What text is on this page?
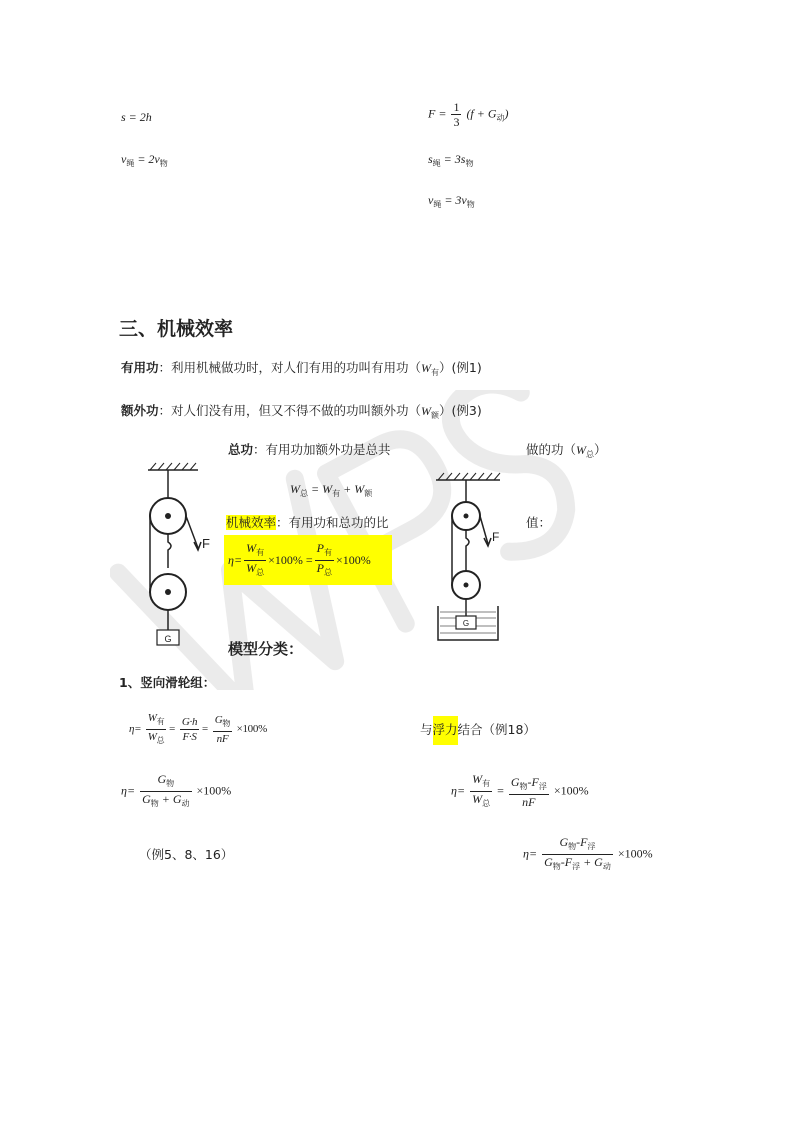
s = 2h
$v_绳 = 2v_物$
$F = \frac{1}{3} (f + G_动)$
$s_绳 = 3s_物$
$v_绳 = 3v_物$
三、机械效率
有用功：利用机械做功时，对人们有用的功叫有用功$(W_有)$(例1)
额外功：对人们没有用，但又不得不做的功叫额外功$(W_额)$(例3)
总功：有用功加额外功是总共	做的功$(W_总)$
$W_总 = W_有 + W_额$
机械效率：有用功和总功的比	值：
$\eta= \frac{W_有}{W_总} \times 100\% = \frac{P_有}{P_总} \times 100\%$
G
F
G
F
模型分类：
1、竖向滑轮组：
$\eta= \frac{W_有}{W_总} = \frac{G\cdot h}{F\cdot S} = \frac{G_物}{nF} \times 100\%$	与浮力结合（例18）
$\eta= \frac{G_物}{G_物 + G_动} \times 100\%$	$\eta= \frac{W_有}{W_总} = \frac{G_物-F_浮}{nF} \times 100\%$
（例5、8、16）	$\eta= \frac{G_物-F_浮}{G_物-F_浮 + G_动} \times 100\%$
